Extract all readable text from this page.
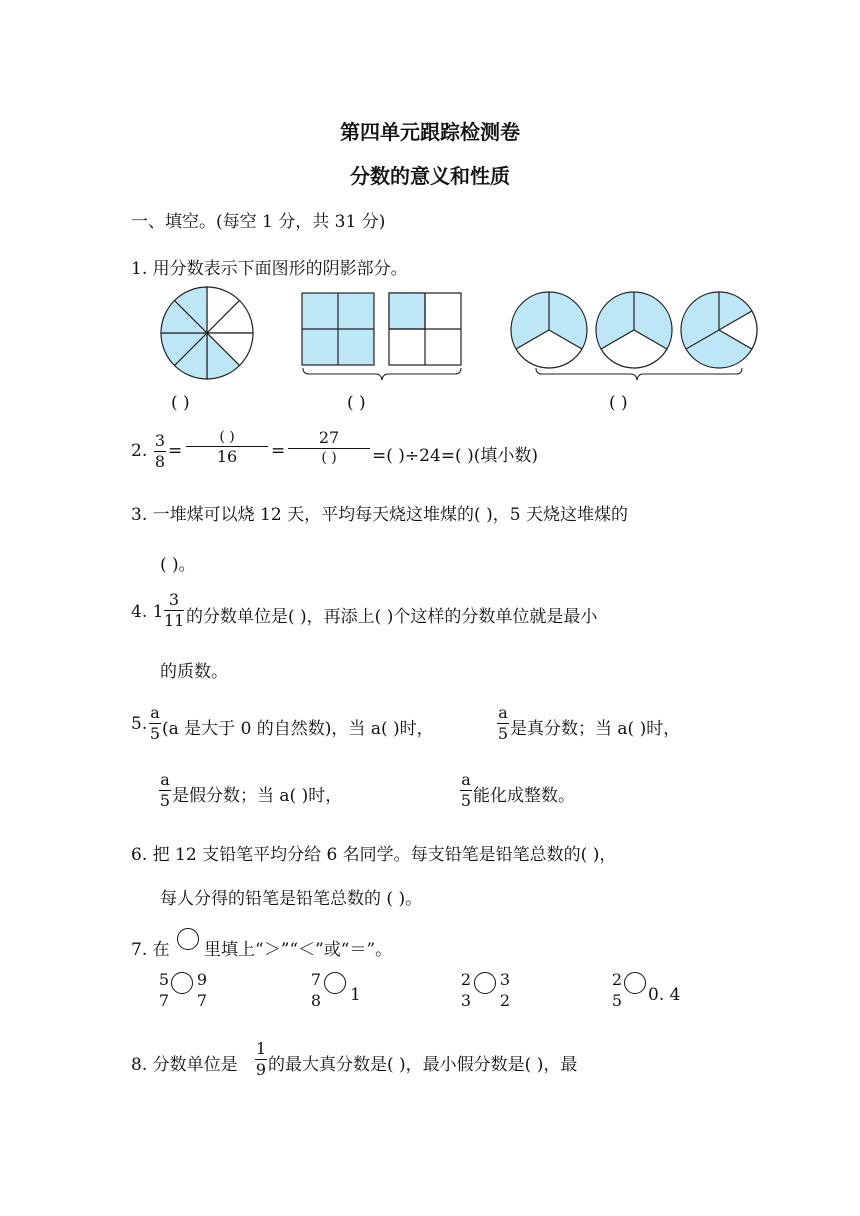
第四单元跟踪检测卷
分数的意义和性质
一、填空。(每空 1 分，共 31 分)
1. 用分数表示下面图形的阴影部分。
( )	( )	( )
2.
3
8
=
( )
16	=
27
( )	=( )÷24=( )(填小数)
3. 一堆煤可以烧 12 天，平均每天烧这堆煤的( )，5 天烧这堆煤的
( )。
4. 1
3
11 的分数单位是( )，再添上( )个这样的分数单位就是最小
的质数。
5.
a
5 (a 是大于 0 的自然数)，当 a( )时，
a
5 是真分数；当 a( )时，
a
5 是假分数；当 a( )时，
a
5 能化成整数。
6. 把 12 支铅笔平均分给 6 名同学。每支铅笔是铅笔总数的( )，
每人分得的铅笔是铅笔总数的 ( )。
7. 在 里填上“＞”“＜”或“＝”。
5
7
9
7
7
8 1
2
3
3
2
2
5 0. 4
8. 分数单位是
1
9 的最大真分数是( )，最小假分数是( )，最
